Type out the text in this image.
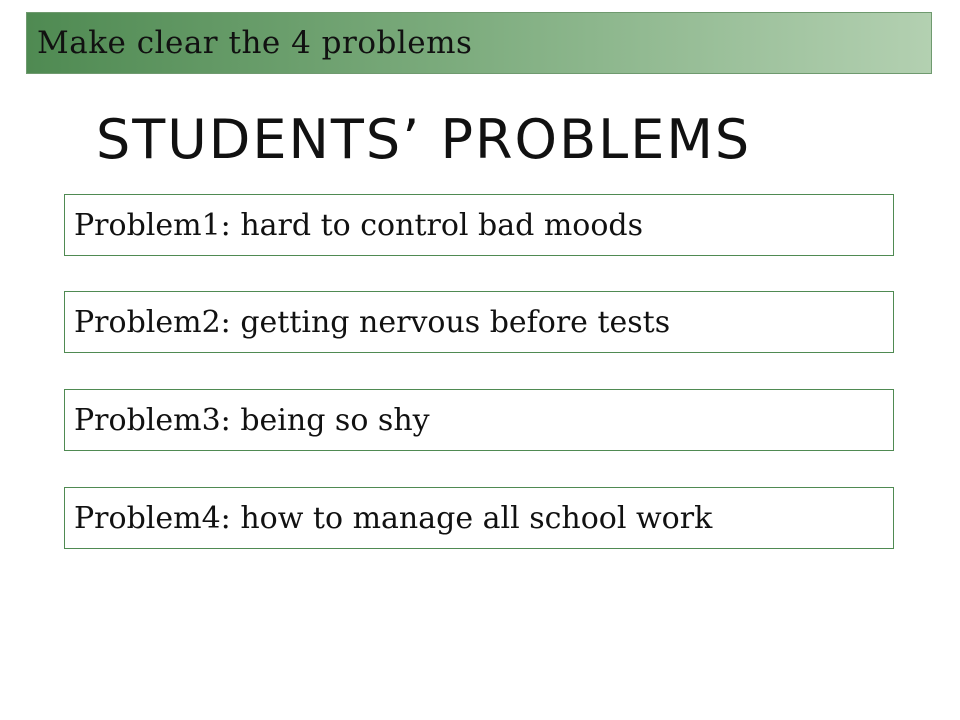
Make clear the 4 problems
STUDENTS’ PROBLEMS
Problem1: hard to control bad moods
Problem2: getting nervous before tests
Problem3: being so shy
Problem4: how to manage all school work
